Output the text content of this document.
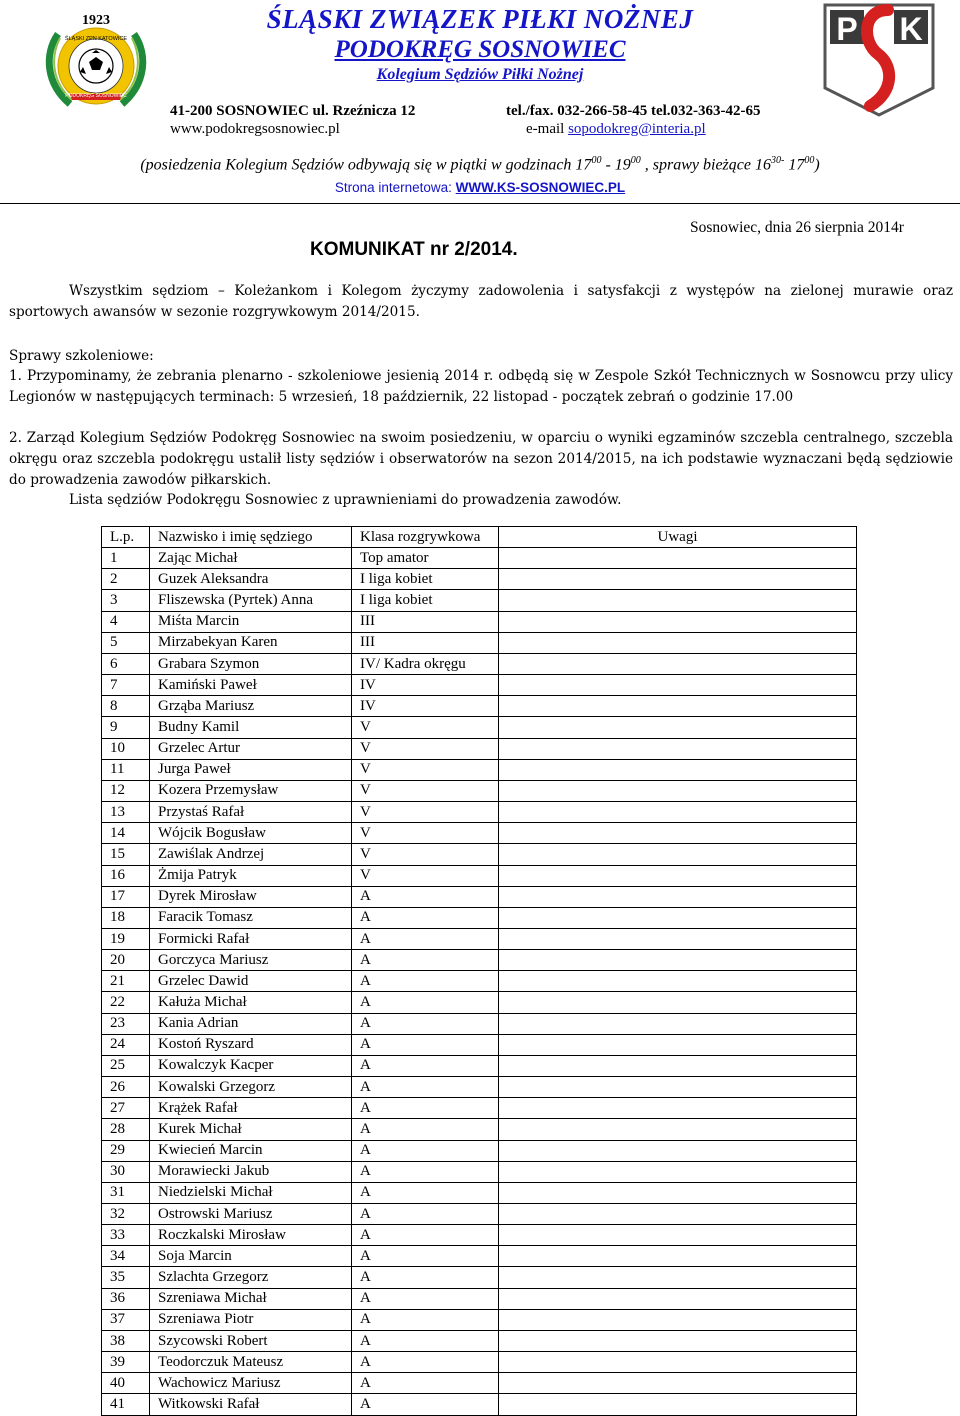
1923
ŚLĄSKI ZPN KATOWICE
PODOKRĘG SOSNOWIEC
ŚLĄSKI ZWIĄZEK PIŁKI NOŻNEJ
PODOKRĘG SOSNOWIEC
Kolegium Sędziów Piłki Nożnej
P K
41-200 SOSNOWIEC ul. Rzeźnicza 12	tel./fax. 032-266-58-45 tel.032-363-42-65
www.podokregsosnowiec.pl	e-mail sopodokreg@interia.pl
(posiedzenia Kolegium Sędziów odbywają się w piątki w godzinach $17^{00} - 19^{00}$ , sprawy bieżące $16^{30-}$ $17^{00}$)
Strona internetowa: WWW.KS-SOSNOWIEC.PL
Sosnowiec, dnia 26 sierpnia 2014r
KOMUNIKAT nr 2/2014.
Wszystkim sędziom – Koleżankom i Kolegom życzymy zadowolenia i satysfakcji z występów na zielonej murawie oraz sportowych awansów w sezonie rozgrywkowym 2014/2015.
Sprawy szkoleniowe:
1. Przypominamy, że zebrania plenarno - szkoleniowe jesienią 2014 r. odbędą się w Zespole Szkół Technicznych w Sosnowcu przy ulicy Legionów w następujących terminach: 5 wrzesień, 18 październik, 22 listopad - początek zebrań o godzinie 17.00
2. Zarząd Kolegium Sędziów Podokręg Sosnowiec na swoim posiedzeniu, w oparciu o wyniki egzaminów szczebla centralnego, szczebla okręgu oraz szczebla podokręgu ustalił listy sędziów i obserwatorów na sezon 2014/2015, na ich podstawie wyznaczani będą sędziowie do prowadzenia zawodów piłkarskich.
Lista sędziów Podokręgu Sosnowiec z uprawnieniami do prowadzenia zawodów.
L.p.	Nazwisko i imię sędziego	Klasa rozgrywkowa	Uwagi
1	Zając Michał	Top amator	
2	Guzek Aleksandra	I liga kobiet	
3	Fliszewska (Pyrtek) Anna	I liga kobiet	
4	Miśta Marcin	III	
5	Mirzabekyan Karen	III	
6	Grabara Szymon	IV/ Kadra okręgu	
7	Kamiński Paweł	IV	
8	Grząba Mariusz	IV	
9	Budny Kamil	V	
10	Grzelec Artur	V	
11	Jurga Paweł	V	
12	Kozera Przemysław	V	
13	Przystaś Rafał	V	
14	Wójcik Bogusław	V	
15	Zawiślak Andrzej	V	
16	Żmija Patryk	V	
17	Dyrek Mirosław	A	
18	Faracik Tomasz	A	
19	Formicki Rafał	A	
20	Gorczyca Mariusz	A	
21	Grzelec Dawid	A	
22	Kałuża Michał	A	
23	Kania Adrian	A	
24	Kostoń Ryszard	A	
25	Kowalczyk Kacper	A	
26	Kowalski Grzegorz	A	
27	Krążek Rafał	A	
28	Kurek Michał	A	
29	Kwiecień Marcin	A	
30	Morawiecki Jakub	A	
31	Niedzielski Michał	A	
32	Ostrowski Mariusz	A	
33	Roczkalski Mirosław	A	
34	Soja Marcin	A	
35	Szlachta Grzegorz	A	
36	Szreniawa Michał	A	
37	Szreniawa Piotr	A	
38	Szycowski Robert	A	
39	Teodorczuk Mateusz	A	
40	Wachowicz Mariusz	A	
41	Witkowski Rafał	A	
